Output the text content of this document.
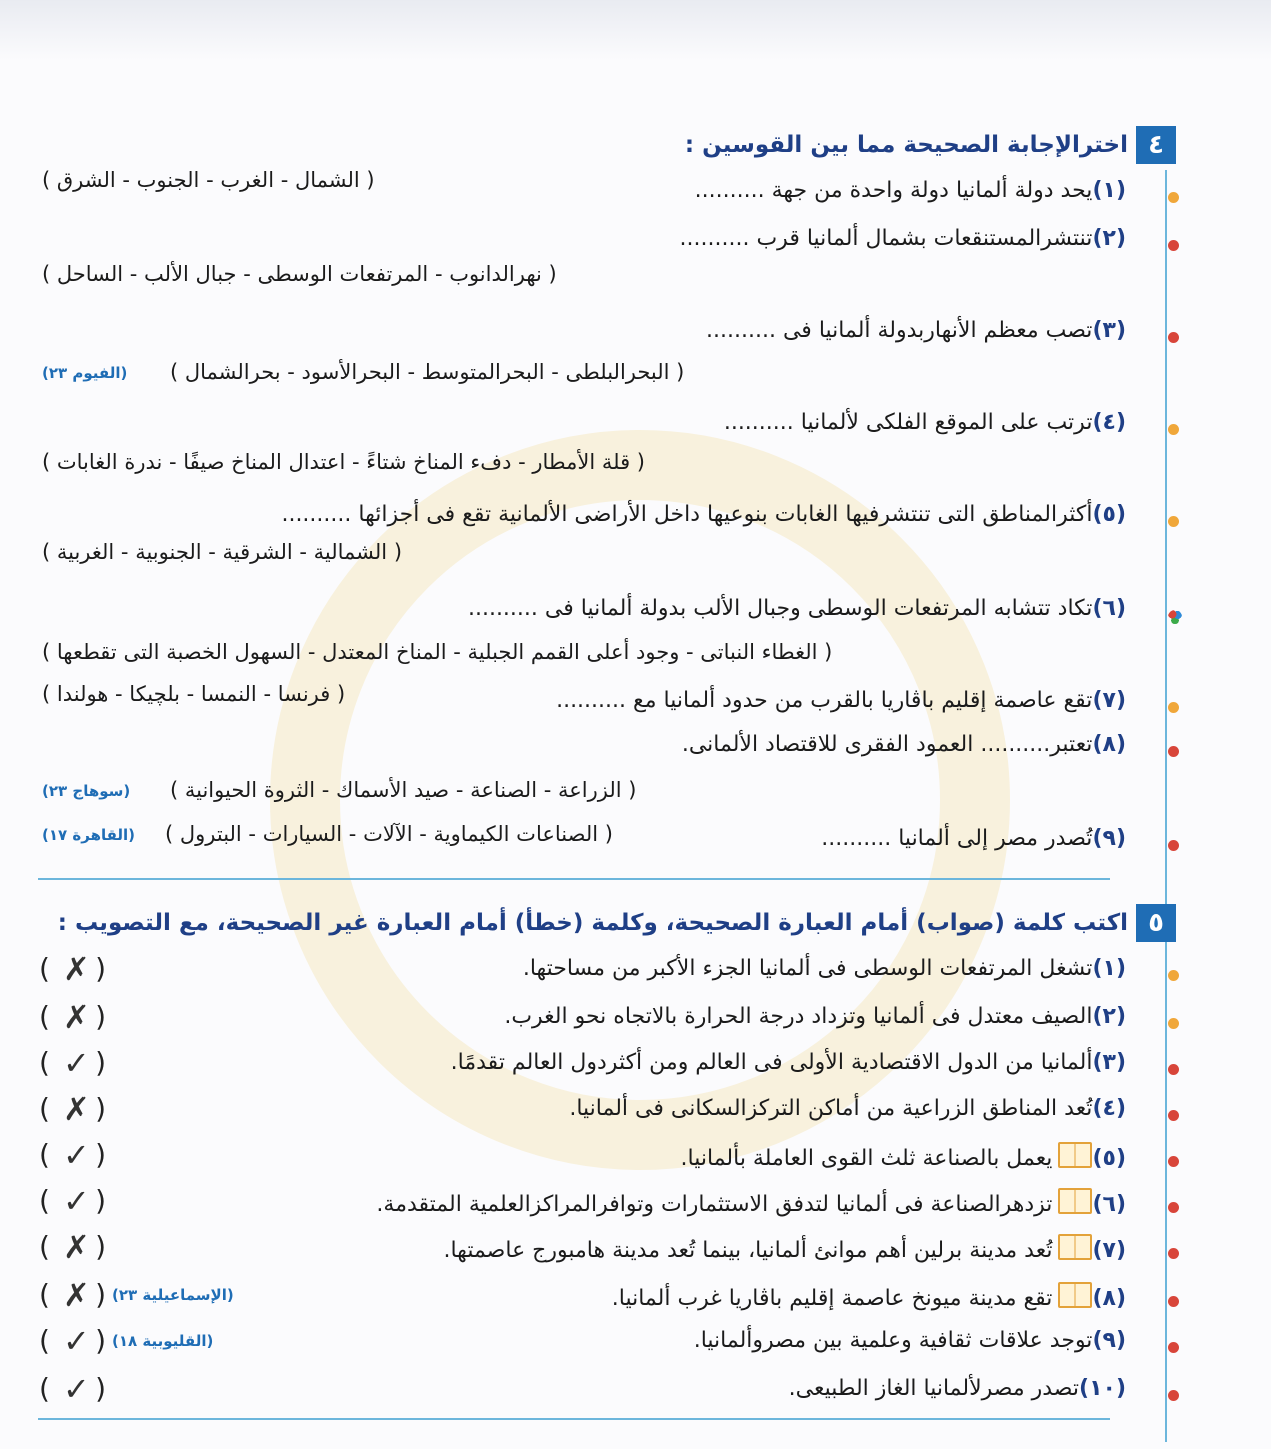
٤
اخترالإجابة الصحيحة مما بين القوسين :
(١)يحد دولة ألمانيا دولة واحدة من جهة ..........
( الشمال - الغرب - الجنوب - الشرق )
(٢)تنتشرالمستنقعات بشمال ألمانيا قرب ..........
( نهرالدانوب - المرتفعات الوسطى - جبال الألب - الساحل )
(٣)تصب معظم الأنهاربدولة ألمانيا فى ..........
( البحرالبلطى - البحرالمتوسط - البحرالأسود - بحرالشمال )
(الفيوم ٢٣)
(٤)ترتب على الموقع الفلكى لألمانيا ..........
( قلة الأمطار - دفء المناخ شتاءً - اعتدال المناخ صيفًا - ندرة الغابات )
(٥)أكثرالمناطق التى تنتشرفيها الغابات بنوعيها داخل الأراضى الألمانية تقع فى أجزائها ..........
( الشمالية - الشرقية - الجنوبية - الغربية )
(٦)تكاد تتشابه المرتفعات الوسطى وجبال الألب بدولة ألمانيا فى ..........
( الغطاء النباتى - وجود أعلى القمم الجبلية - المناخ المعتدل - السهول الخصبة التى تقطعها )
(٧)تقع عاصمة إقليم باڤاريا بالقرب من حدود ألمانيا مع ..........
( فرنسا - النمسا - بلچيكا - هولندا )
(٨)تعتبر.......... العمود الفقرى للاقتصاد الألمانى.
( الزراعة - الصناعة - صيد الأسماك - الثروة الحيوانية )
(سوهاج ٢٣)
(٩)تُصدر مصر إلى ألمانيا ..........
( الصناعات الكيماوية - الآلات - السيارات - البترول )
(القاهرة ١٧)
٥
اكتب كلمة (صواب) أمام العبارة الصحيحة، وكلمة (خطأ) أمام العبارة غير الصحيحة، مع التصويب :
(١)تشغل المرتفعات الوسطى فى ألمانيا الجزء الأكبر من مساحتها.
( ✗ )
(٢)الصيف معتدل فى ألمانيا وتزداد درجة الحرارة بالاتجاه نحو الغرب.
( ✗ )
(٣)ألمانيا من الدول الاقتصادية الأولى فى العالم ومن أكثردول العالم تقدمًا.
( ✓ )
(٤)تُعد المناطق الزراعية من أماكن التركزالسكانى فى ألمانيا.
( ✗ )
(٥)يعمل بالصناعة ثلث القوى العاملة بألمانيا.
( ✓ )
(٦)تزدهرالصناعة فى ألمانيا لتدفق الاستثمارات وتوافرالمراكزالعلمية المتقدمة.
( ✓ )
(٧)تُعد مدينة برلين أهم موانئ ألمانيا، بينما تُعد مدينة هامبورج عاصمتها.
( ✗ )
(٨)تقع مدينة ميونخ عاصمة إقليم باڤاريا غرب ألمانيا.
( ✗ ) (الإسماعيلية ٢٣)
(٩)توجد علاقات ثقافية وعلمية بين مصروألمانيا.
( ✓ ) (القليوبية ١٨)
(١٠)تصدر مصرلألمانيا الغاز الطبيعى.
( ✓ )
